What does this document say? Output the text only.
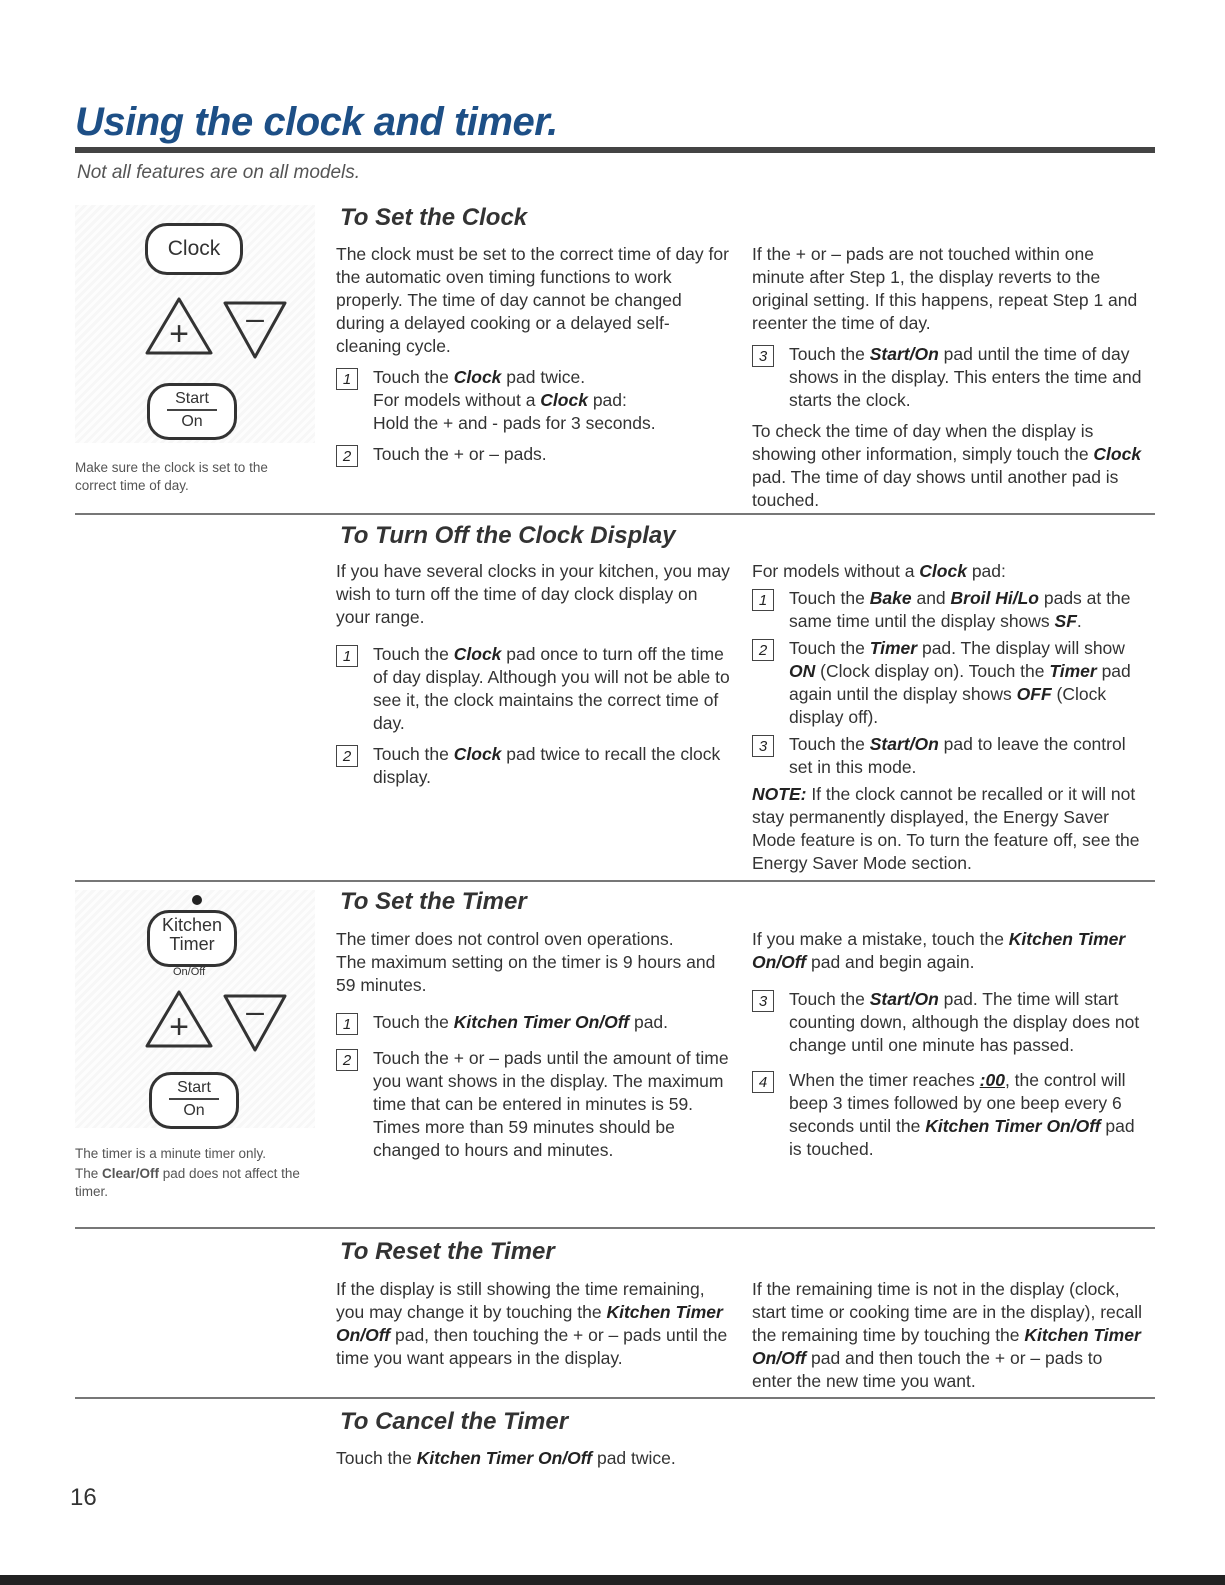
Using the clock and timer.
Not all features are on all models.
Clock
+ –
Start
On

Make sure the clock is set to the correct time of day.

To Set the Clock

The clock must be set to the correct time of day for the automatic oven timing functions to work properly. The time of day cannot be changed during a delayed cooking or a delayed self-cleaning cycle.

1	Touch the Clock pad twice.

For models without a Clock pad:

Hold the + and - pads for 3 seconds.

2	Touch the + or – pads.

If the + or – pads are not touched within one minute after Step 1, the display reverts to the original setting. If this happens, repeat Step 1 and reenter the time of day.

3	Touch the Start/On pad until the time of day shows in the display. This enters the time and starts the clock.

To check the time of day when the display is showing other information, simply touch the Clock pad. The time of day shows until another pad is touched.

To Turn Off the Clock Display

If you have several clocks in your kitchen, you may wish to turn off the time of day clock display on your range.

1	Touch the Clock pad once to turn off the time of day display. Although you will not be able to see it, the clock maintains the correct time of day.

2	Touch the Clock pad twice to recall the clock display.

For models without a Clock pad:

1	Touch the Bake and Broil Hi/Lo pads at the same time until the display shows SF.

2	Touch the Timer pad. The display will show ON (Clock display on). Touch the Timer pad again until the display shows OFF (Clock display off).

3	Touch the Start/On pad to leave the control set in this mode.

NOTE: If the clock cannot be recalled or it will not stay permanently displayed, the Energy Saver Mode feature is on. To turn the feature off, see the Energy Saver Mode section.

Kitchen
Timer
On/Off
+ –
Start
On

The timer is a minute timer only.

The Clear/Off pad does not affect the timer.

To Set the Timer

The timer does not control oven operations.

The maximum setting on the timer is 9 hours and 59 minutes.

1	Touch the Kitchen Timer On/Off pad.

2	Touch the + or – pads until the amount of time you want shows in the display. The maximum time that can be entered in minutes is 59. Times more than 59 minutes should be changed to hours and minutes.

If you make a mistake, touch the Kitchen Timer On/Off pad and begin again.

3	Touch the Start/On pad. The time will start counting down, although the display does not change until one minute has passed.

4	When the timer reaches :00, the control will beep 3 times followed by one beep every 6 seconds until the Kitchen Timer On/Off pad is touched.

To Reset the Timer

If the display is still showing the time remaining, you may change it by touching the Kitchen Timer On/Off pad, then touching the + or – pads until the time you want appears in the display.

If the remaining time is not in the display (clock, start time or cooking time are in the display), recall the remaining time by touching the Kitchen Timer On/Off pad and then touch the + or – pads to enter the new time you want.

To Cancel the Timer

Touch the Kitchen Timer On/Off pad twice.

16
